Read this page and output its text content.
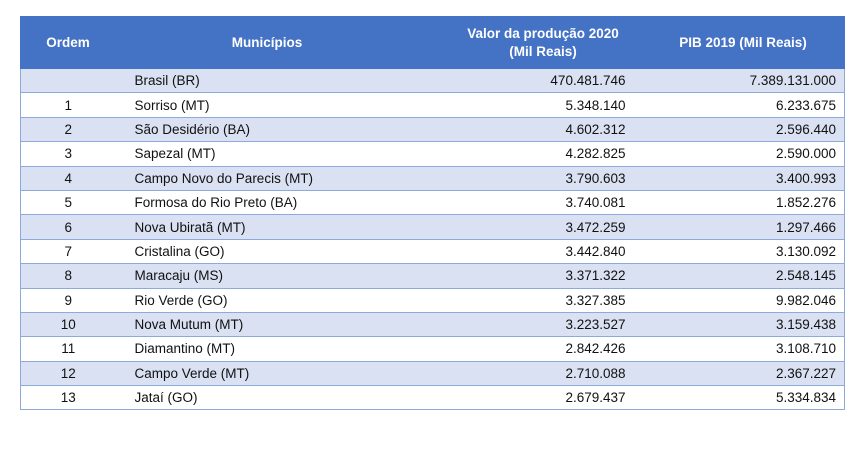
Ordem	Municípios	Valor da produção 2020 (Mil Reais)	PIB 2019 (Mil Reais)
	Brasil (BR)	470.481.746	7.389.131.000
1	Sorriso (MT)	5.348.140	6.233.675
2	São Desidério (BA)	4.602.312	2.596.440
3	Sapezal (MT)	4.282.825	2.590.000
4	Campo Novo do Parecis (MT)	3.790.603	3.400.993
5	Formosa do Rio Preto (BA)	3.740.081	1.852.276
6	Nova Ubiratã (MT)	3.472.259	1.297.466
7	Cristalina (GO)	3.442.840	3.130.092
8	Maracaju (MS)	3.371.322	2.548.145
9	Rio Verde (GO)	3.327.385	9.982.046
10	Nova Mutum (MT)	3.223.527	3.159.438
11	Diamantino (MT)	2.842.426	3.108.710
12	Campo Verde (MT)	2.710.088	2.367.227
13	Jataí (GO)	2.679.437	5.334.834
